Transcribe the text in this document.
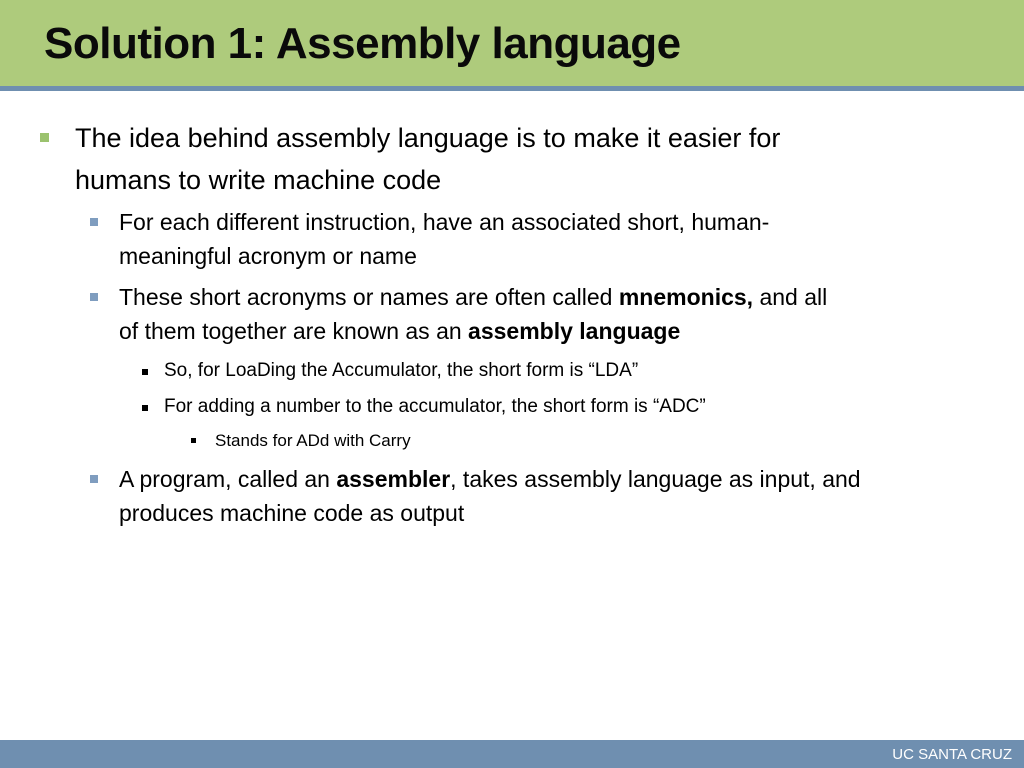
Solution 1: Assembly language
The idea behind assembly language is to make it easier for
humans to write machine code
For each different instruction, have an associated short, human-
meaningful acronym or name
These short acronyms or names are often called mnemonics, and all
of them together are known as an assembly language
So, for LoaDing the Accumulator, the short form is “LDA”
For adding a number to the accumulator, the short form is “ADC”
Stands for ADd with Carry
A program, called an assembler, takes assembly language as input, and
produces machine code as output
UC SANTA CRUZ
